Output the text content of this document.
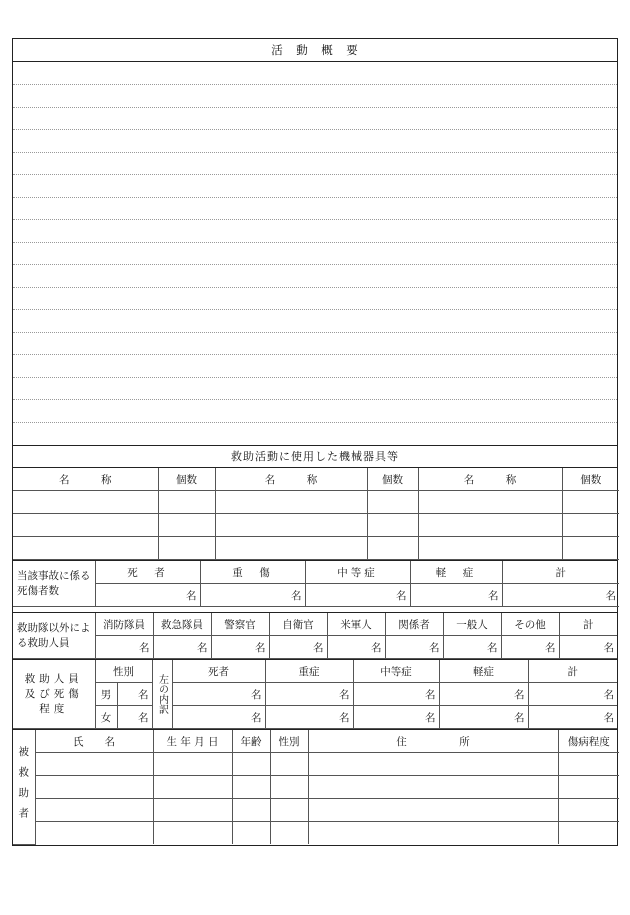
活　動　概　要
救助活動に使用した機械器具等
名　　　称	個数	名　　　称	個数	名　　　称	個数

当該事故に係る死傷者数	死　者	重　傷	中等症	軽　症	計
	名	名	名	名	名
救助隊以外による救助人員	消防隊員	救急隊員	警察官	自衛官	米軍人	関係者	一般人	その他	計
	名	名	名	名	名	名	名	名	名
救助人員及び死傷程度	性別		左の内訳	死者	重症	中等症	軽症	計
	男	名		名	名	名	名	名
	女	名		名	名	名	名	名
被救助者	氏　　名	生 年 月 日	年齢	性別	住　　　　　所	傷病程度
